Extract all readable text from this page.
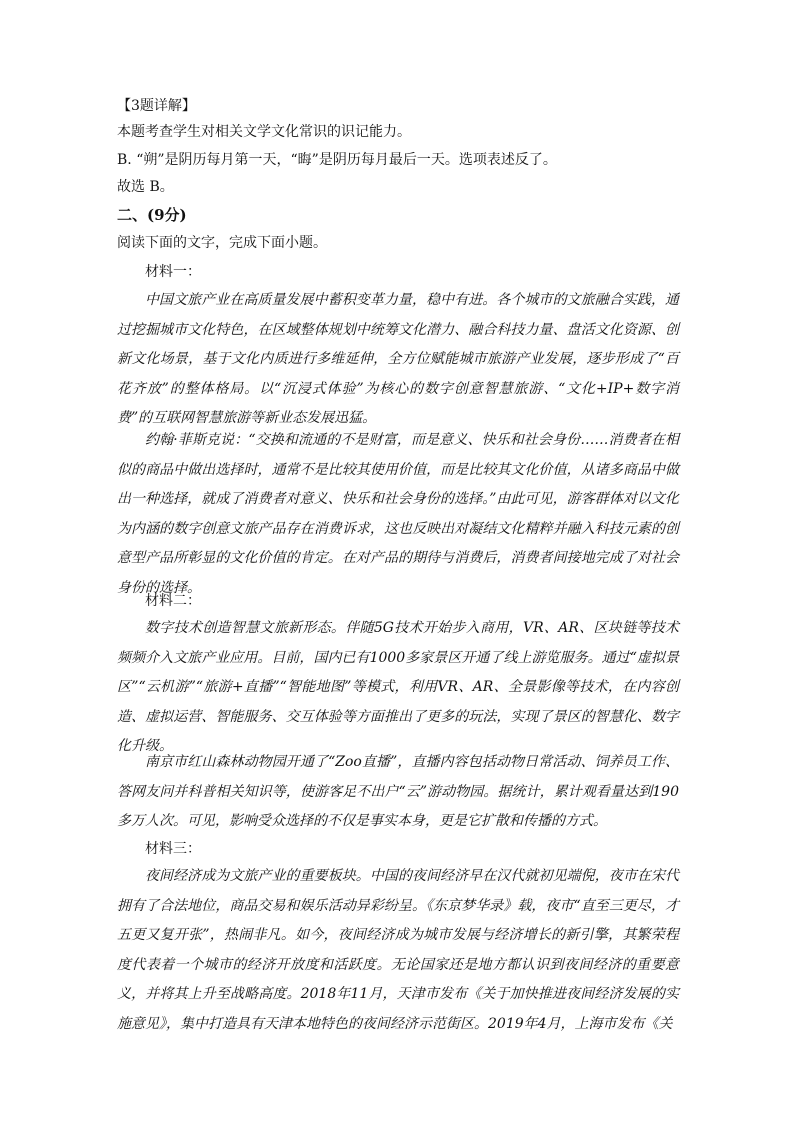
【3题详解】
本题考查学生对相关文学文化常识的识记能力。
B. “朔”是阴历每月第一天，“晦”是阴历每月最后一天。选项表述反了。
故选 B。
二、(9分)
阅读下面的文字，完成下面小题。
材料一：
中国文旅产业在高质量发展中蓄积变革力量，稳中有进。各个城市的文旅融合实践，通过挖掘城市文化特色，在区域整体规划中统筹文化潜力、融合科技力量、盘活文化资源、创新文化场景，基于文化内质进行多维延伸，全方位赋能城市旅游产业发展，逐步形成了“百花齐放”的整体格局。以“沉浸式体验”为核心的数字创意智慧旅游、“文化+IP+数字消费”的互联网智慧旅游等新业态发展迅猛。
约翰·菲斯克说：“交换和流通的不是财富，而是意义、快乐和社会身份……消费者在相似的商品中做出选择时，通常不是比较其使用价值，而是比较其文化价值，从诸多商品中做出一种选择，就成了消费者对意义、快乐和社会身份的选择。”由此可见，游客群体对以文化为内涵的数字创意文旅产品存在消费诉求，这也反映出对凝结文化精粹并融入科技元素的创意型产品所彰显的文化价值的肯定。在对产品的期待与消费后，消费者间接地完成了对社会身份的选择。
材料二：
数字技术创造智慧文旅新形态。伴随5G技术开始步入商用，VR、AR、区块链等技术频频介入文旅产业应用。目前，国内已有1000多家景区开通了线上游览服务。通过“虚拟景区”“云机游”“旅游+直播”“智能地图”等模式，利用VR、AR、全景影像等技术，在内容创造、虚拟运营、智能服务、交互体验等方面推出了更多的玩法，实现了景区的智慧化、数字化升级。
南京市红山森林动物园开通了“Zoo直播”，直播内容包括动物日常活动、饲养员工作、答网友问并科普相关知识等，使游客足不出户“云”游动物园。据统计，累计观看量达到190多万人次。可见，影响受众选择的不仅是事实本身，更是它扩散和传播的方式。
材料三：
夜间经济成为文旅产业的重要板块。中国的夜间经济早在汉代就初见端倪，夜市在宋代拥有了合法地位，商品交易和娱乐活动异彩纷呈。《东京梦华录》载，夜市“直至三更尽，才五更又复开张”，热闹非凡。如今，夜间经济成为城市发展与经济增长的新引擎，其繁荣程度代表着一个城市的经济开放度和活跃度。无论国家还是地方都认识到夜间经济的重要意义，并将其上升至战略高度。2018年11月，天津市发布《关于加快推进夜间经济发展的实施意见》，集中打造具有天津本地特色的夜间经济示范街区。2019年4月，上海市发布《关
